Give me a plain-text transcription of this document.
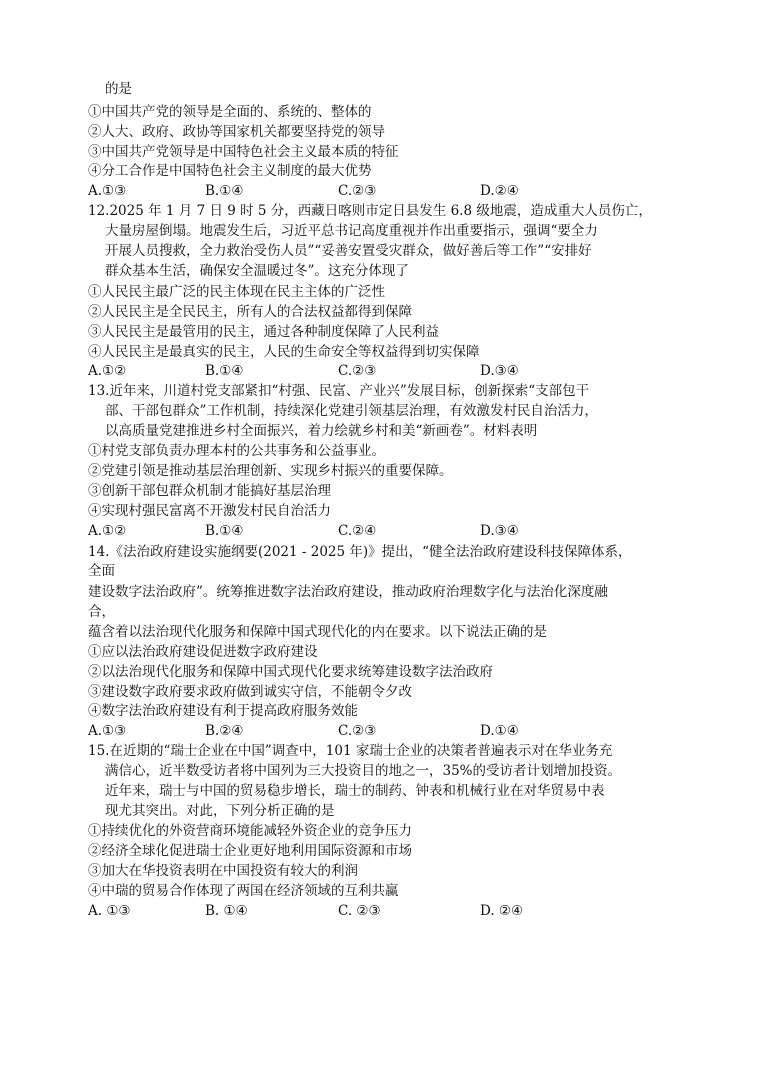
的是
①中国共产党的领导是全面的、系统的、整体的
②人大、政府、政协等国家机关都要坚持党的领导
③中国共产党领导是中国特色社会主义最本质的特征
④分工合作是中国特色社会主义制度的最大优势
A.①③	B.①④	C.②③	D.②④
12.2025 年 1 月 7 日 9 时 5 分，西藏日喀则市定日县发生 6.8 级地震，造成重大人员伤亡，
大量房屋倒塌。地震发生后，习近平总书记高度重视并作出重要指示，强调“要全力
开展人员搜救，全力救治受伤人员”“妥善安置受灾群众，做好善后等工作”“安排好
群众基本生活，确保安全温暖过冬”。这充分体现了
①人民民主最广泛的民主体现在民主主体的广泛性
②人民民主是全民民主，所有人的合法权益都得到保障
③人民民主是最管用的民主，通过各种制度保障了人民利益
④人民民主是最真实的民主，人民的生命安全等权益得到切实保障
A.①②	B.①④	C.②③	D.③④
13.近年来，川道村党支部紧扣“村强、民富、产业兴”发展目标，创新探索“支部包干
部、干部包群众”工作机制，持续深化党建引领基层治理，有效激发村民自治活力，
以高质量党建推进乡村全面振兴，着力绘就乡村和美“新画卷”。材料表明
①村党支部负责办理本村的公共事务和公益事业。
②党建引领是推动基层治理创新、实现乡村振兴的重要保障。
③创新干部包群众机制才能搞好基层治理
④实现村强民富离不开激发村民自治活力
A.①②	B.①④	C.②④	D.③④
14.《法治政府建设实施纲要(2021 - 2025 年)》提出，“健全法治政府建设科技保障体系，
全面
建设数字法治政府”。统筹推进数字法治政府建设，推动政府治理数字化与法治化深度融
合，
蕴含着以法治现代化服务和保障中国式现代化的内在要求。以下说法正确的是
①应以法治政府建设促进数字政府建设
②以法治现代化服务和保障中国式现代化要求统筹建设数字法治政府
③建设数字政府要求政府做到诚实守信，不能朝令夕改
④数字法治政府建设有利于提高政府服务效能
A.①③	B.②④	C.②③	D.①④
15.在近期的“瑞士企业在中国”调查中，101 家瑞士企业的决策者普遍表示对在华业务充
满信心，近半数受访者将中国列为三大投资目的地之一，35%的受访者计划增加投资。
近年来，瑞士与中国的贸易稳步增长，瑞士的制药、钟表和机械行业在对华贸易中表
现尤其突出。对此，下列分析正确的是
①持续优化的外资营商环境能减轻外资企业的竞争压力
②经济全球化促进瑞士企业更好地利用国际资源和市场
③加大在华投资表明在中国投资有较大的利润
④中瑞的贸易合作体现了两国在经济领域的互利共赢
A. ①③	B. ①④	C. ②③	D. ②④
